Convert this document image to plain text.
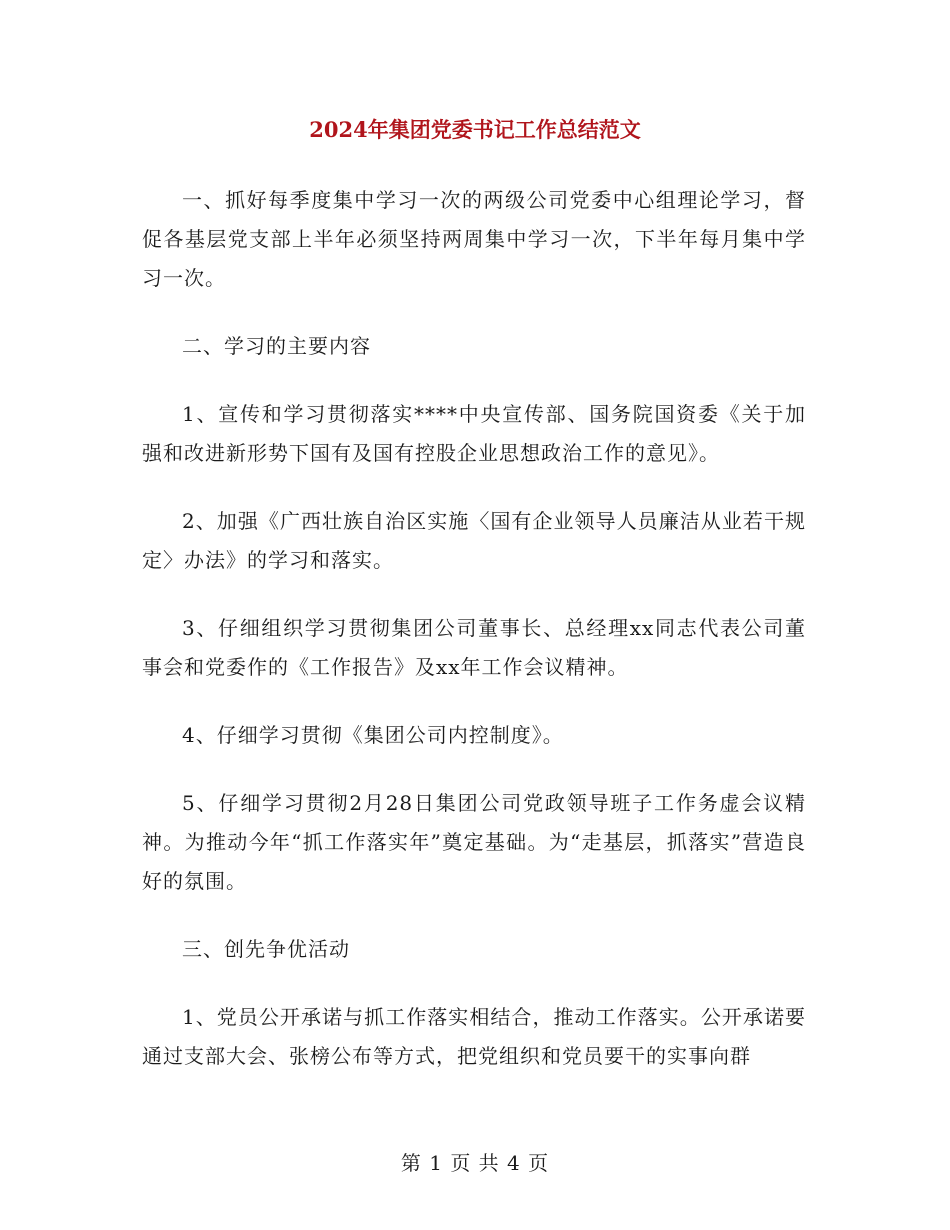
2024年集团党委书记工作总结范文

一、抓好每季度集中学习一次的两级公司党委中心组理论学习，督促各基层党支部上半年必须坚持两周集中学习一次，下半年每月集中学习一次。

二、学习的主要内容

1、宣传和学习贯彻落实****中央宣传部、国务院国资委《关于加强和改进新形势下国有及国有控股企业思想政治工作的意见》。

2、加强《广西壮族自治区实施〈国有企业领导人员廉洁从业若干规定〉办法》的学习和落实。

3、仔细组织学习贯彻集团公司董事长、总经理xx同志代表公司董事会和党委作的《工作报告》及xx年工作会议精神。

4、仔细学习贯彻《集团公司内控制度》。

5、仔细学习贯彻2月28日集团公司党政领导班子工作务虚会议精神。为推动今年“抓工作落实年”奠定基础。为“走基层，抓落实”营造良好的氛围。

三、创先争优活动

1、党员公开承诺与抓工作落实相结合，推动工作落实。公开承诺要通过支部大会、张榜公布等方式，把党组织和党员要干的实事向群

第 1 页 共 4 页
